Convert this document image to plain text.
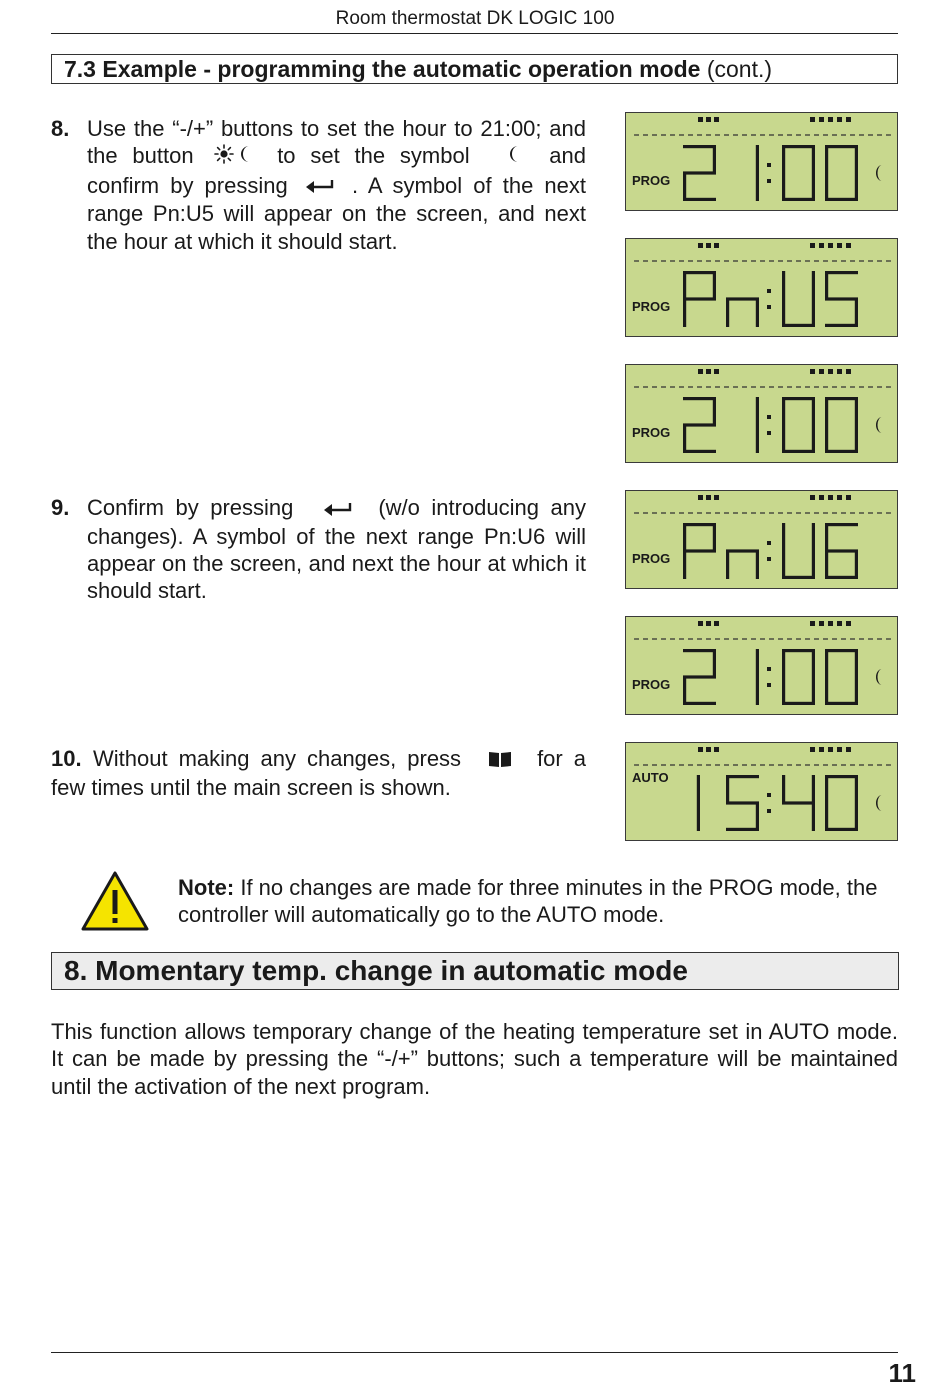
Room thermostat DK LOGIC 100
7.3 Example - programming the automatic operation mode (cont.)
8. Use the “-/+” buttons to set the hour to 21:00; and the button	to set the symbol	and confirm by pressing	. A symbol of the next range Pn:U5 will appear on the screen, and next the hour at which it should start.
9. Confirm by pressing	(w/o introducing any changes). A symbol of the next range Pn:U6 will appear on the screen, and next the hour at which it should start.
10. Without making any changes, press	for a few times until the main screen is shown.
PROG
PROG
PROG
PROG
PROG
AUTO
Note: If no changes are made for three minutes in the PROG mode, the controller will automatically go to the AUTO mode.
8. Momentary temp. change in automatic mode
This function allows temporary change of the heating temperature set in AUTO mode. It can be made by pressing the “-/+” buttons; such a temperature will be maintained until the activation of the next program.
11
